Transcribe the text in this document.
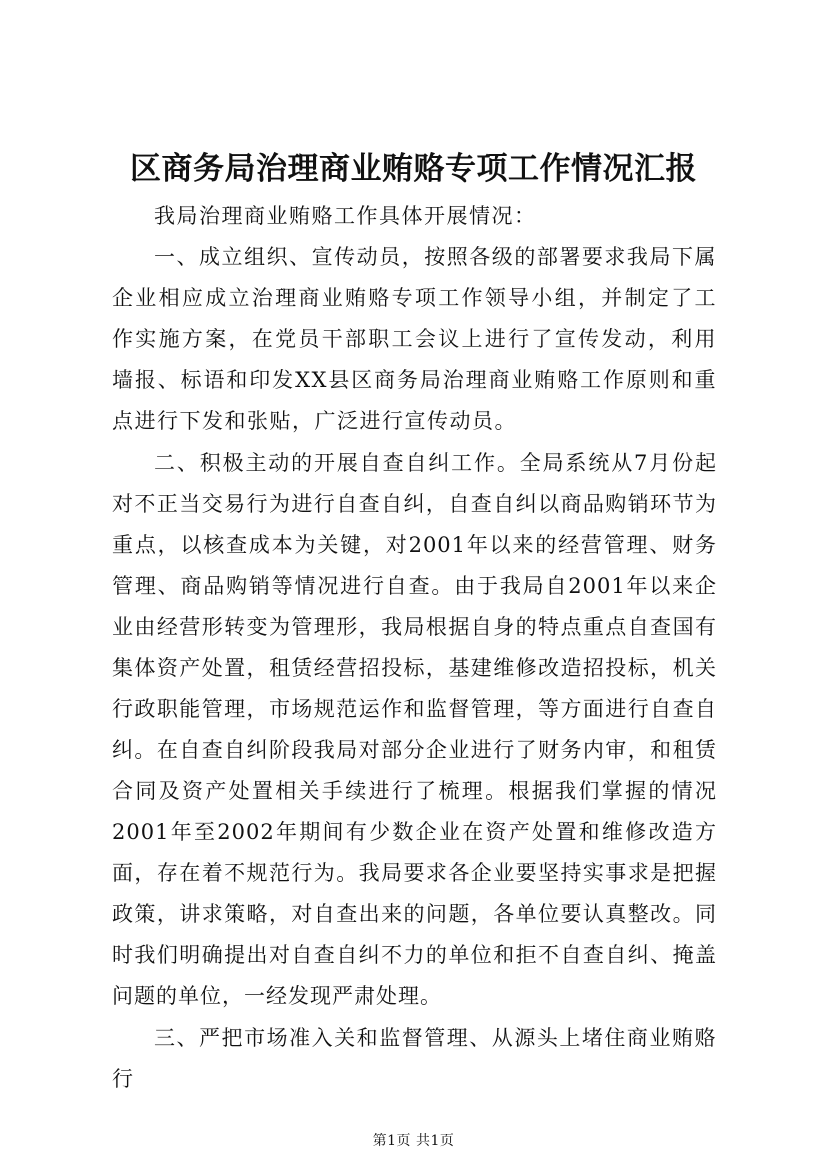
区商务局治理商业贿赂专项工作情况汇报

我局治理商业贿赂工作具体开展情况：

一、成立组织、宣传动员，按照各级的部署要求我局下属企业相应成立治理商业贿赂专项工作领导小组，并制定了工作实施方案，在党员干部职工会议上进行了宣传发动，利用墙报、标语和印发XX县区商务局治理商业贿赂工作原则和重点进行下发和张贴，广泛进行宣传动员。

二、积极主动的开展自查自纠工作。全局系统从7月份起对不正当交易行为进行自查自纠，自查自纠以商品购销环节为重点，以核查成本为关键，对2001年以来的经营管理、财务管理、商品购销等情况进行自查。由于我局自2001年以来企业由经营形转变为管理形，我局根据自身的特点重点自查国有集体资产处置，租赁经营招投标，基建维修改造招投标，机关行政职能管理，市场规范运作和监督管理，等方面进行自查自纠。在自查自纠阶段我局对部分企业进行了财务内审，和租赁合同及资产处置相关手续进行了梳理。根据我们掌握的情况2001年至2002年期间有少数企业在资产处置和维修改造方面，存在着不规范行为。我局要求各企业要坚持实事求是把握政策，讲求策略，对自查出来的问题，各单位要认真整改。同时我们明确提出对自查自纠不力的单位和拒不自查自纠、掩盖问题的单位，一经发现严肃处理。

三、严把市场准入关和监督管理、从源头上堵住商业贿赂行

第1页 共1页
